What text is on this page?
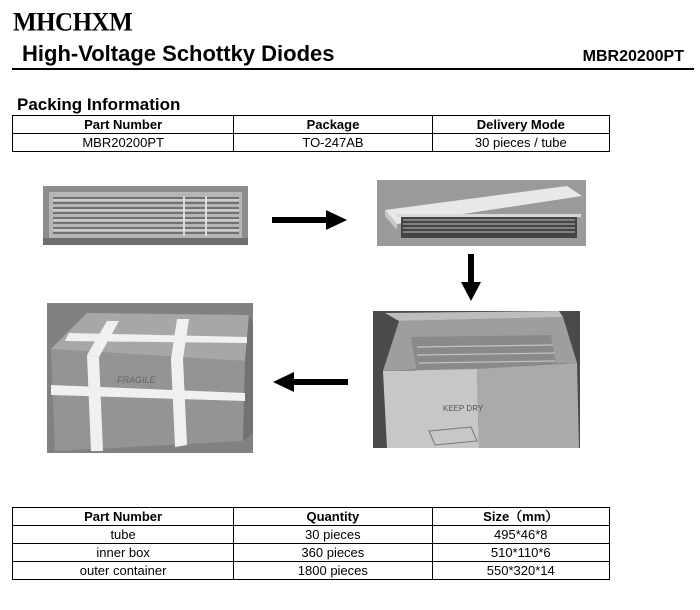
MHCHXM
High-Voltage Schottky Diodes	MBR20200PT
Packing Information
Part Number	Package	Delivery Mode
MBR20200PT	TO-247AB	30 pieces / tube
KEEP DRY
FRAGILE
Part Number	Quantity	Size（mm）
tube	30 pieces	495*46*8
inner box	360 pieces	510*110*6
outer container	1800 pieces	550*320*14
